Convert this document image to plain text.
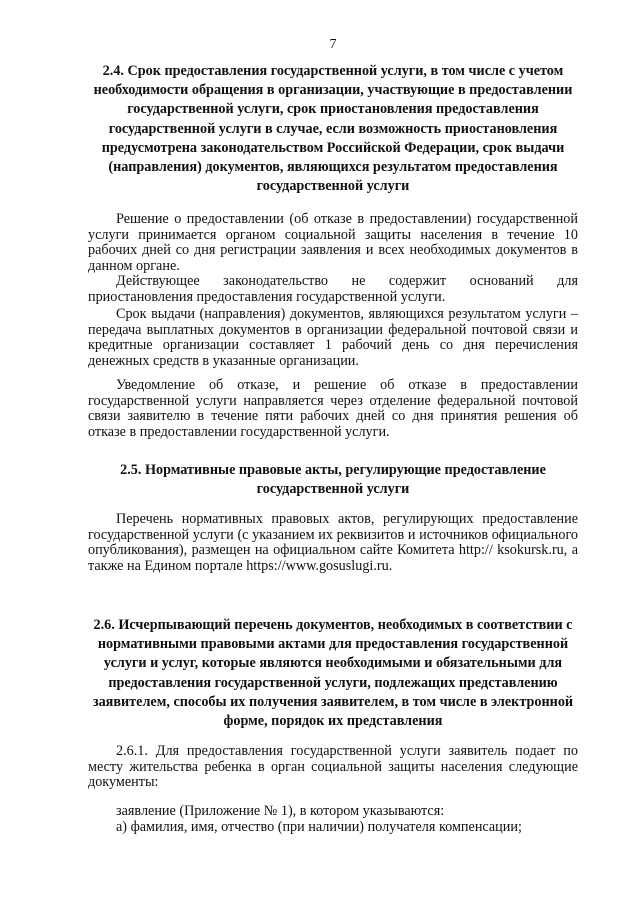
7

2.4. Срок предоставления государственной услуги, в том числе с учетом необходимости обращения в организации, участвующие в предоставлении государственной услуги, срок приостановления предоставления государственной услуги в случае, если возможность приостановления предусмотрена законодательством Российской Федерации, срок выдачи (направления) документов, являющихся результатом предоставления государственной услуги

Решение о предоставлении (об отказе в предоставлении) государственной услуги принимается органом социальной защиты населения в течение 10 рабочих дней со дня регистрации заявления и всех необходимых документов в данном органе.

Действующее законодательство не содержит оснований для приостановления предоставления государственной услуги.

Срок выдачи (направления) документов, являющихся результатом услуги – передача выплатных документов в организации федеральной почтовой связи и кредитные организации составляет 1 рабочий день со дня перечисления денежных средств в указанные организации.

Уведомление об отказе, и решение об отказе в предоставлении государственной услуги направляется через отделение федеральной почтовой связи заявителю в течение пяти рабочих дней со дня принятия решения об отказе в предоставлении государственной услуги.

2.5. Нормативные правовые акты, регулирующие предоставление государственной услуги

Перечень нормативных правовых актов, регулирующих предоставление государственной услуги (с указанием их реквизитов и источников официального опубликования), размещен на официальном сайте Комитета http:// ksokursk.ru, а также на Едином портале https://www.gosuslugi.ru.

2.6. Исчерпывающий перечень документов, необходимых в соответствии с нормативными правовыми актами для предоставления государственной услуги и услуг, которые являются необходимыми и обязательными для предоставления государственной услуги, подлежащих представлению заявителем, способы их получения заявителем, в том числе в электронной форме, порядок их представления

2.6.1. Для предоставления государственной услуги заявитель подает по месту жительства ребенка в орган социальной защиты населения следующие документы:

заявление (Приложение № 1), в котором указываются:

а) фамилия, имя, отчество (при наличии) получателя компенсации;
